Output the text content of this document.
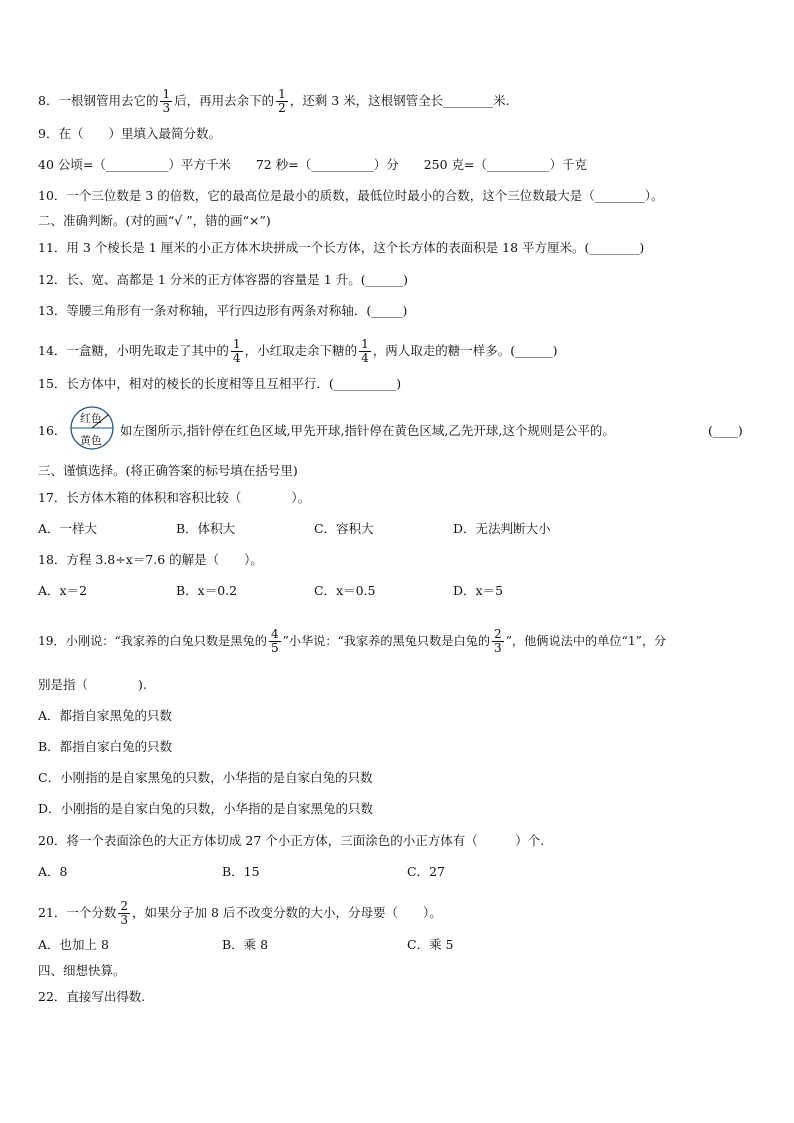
8．一根钢管用去它的 $\frac{1}{3}$ 后，再用去余下的 $\frac{1}{2}$ ，还剩 3 米，这根钢管全长________米.
9．在（　　）里填入最简分数。
40 公顷=（__________）平方千米　　72 秒=（__________）分　　250 克=（__________）千克
10．一个三位数是 3 的倍数，它的最高位是最小的质数，最低位时最小的合数，这个三位数最大是（________）。
二、准确判断。(对的画“√ ”，错的画“×”)
11．用 3 个棱长是 1 厘米的小正方体木块拼成一个长方体，这个长方体的表面积是 18 平方厘米。(________)
12．长、宽、高都是 1 分米的正方体容器的容量是 1 升。(______)
13．等腰三角形有一条对称轴，平行四边形有两条对称轴．(_____)
14．一盒糖，小明先取走了其中的 $\frac{1}{4}$ ，小红取走余下糖的 $\frac{1}{4}$ ，两人取走的糖一样多。(______)
15．长方体中，相对的棱长的长度相等且互相平行．(__________)
16．
红色
黄色
如左图所示,指针停在红色区域,甲先开球,指针停在黄色区域,乙先开球,这个规则是公平的。	(____)
三、谨慎选择。(将正确答案的标号填在括号里)
17．长方体木箱的体积和容积比较（　　　　）。
A．一样大	B．体积大	C．容积大	D．无法判断大小
18．方程 3.8÷x＝7.6 的解是（　　）。
A．x＝2	B．x＝0.2	C．x＝0.5	D．x＝5
19．小刚说：“我家养的白兔只数是黑兔的 $\frac{4}{5}$ ”小华说：“我家养的黑兔只数是白兔的 $\frac{2}{3}$ ”，他俩说法中的单位“1”，分
别是指（　　　　).
A．都指自家黑兔的只数
B．都指自家白兔的只数
C．小刚指的是自家黑兔的只数，小华指的是自家白兔的只数
D．小刚指的是自家白兔的只数，小华指的是自家黑兔的只数
20．将一个表面涂色的大正方体切成 27 个小正方体，三面涂色的小正方体有（　　　）个.
A．8	B．15	C．27
21．一个分数 $\frac{2}{3}$ ，如果分子加 8 后不改变分数的大小，分母要（　　）。
A．也加上 8	B．乘 8	C．乘 5
四、细想快算。
22．直接写出得数.
